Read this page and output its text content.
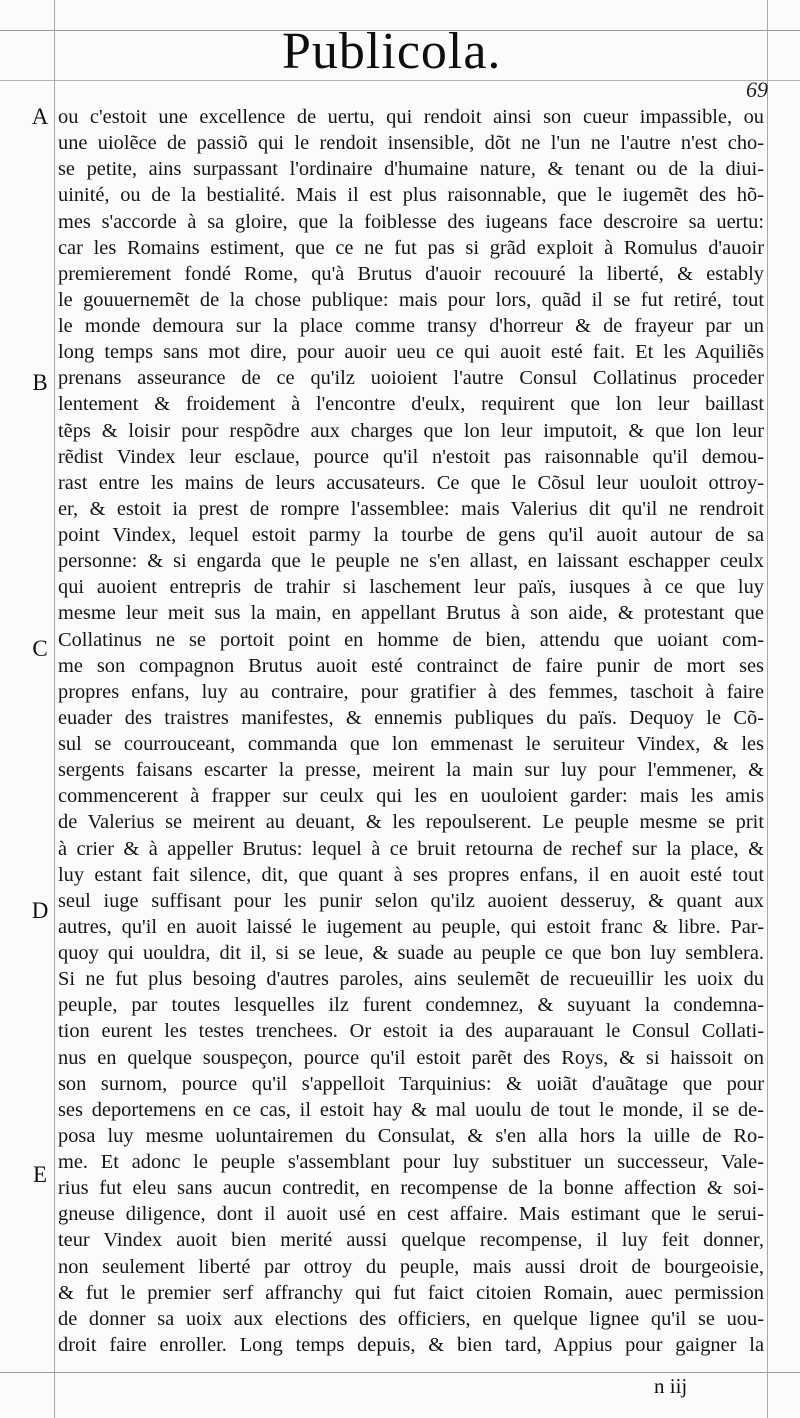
Publicola.
69
A
B
C
D
E
ou c'estoit une excellence de uertu, qui rendoit ainsi son cueur impassible, ou
une uiolẽce de passiõ qui le rendoit insensible, dõt ne l'un ne l'autre n'est cho-
se petite, ains surpassant l'ordinaire d'humaine nature, & tenant ou de la diui-
uinité, ou de la bestialité. Mais il est plus raisonnable, que le iugemẽt des hõ-
mes s'accorde à sa gloire, que la foiblesse des iugeans face descroire sa uertu:
car les Romains estiment, que ce ne fut pas si grãd exploit à Romulus d'auoir
premierement fondé Rome, qu'à Brutus d'auoir recouuré la liberté, & estably
le gouuernemẽt de la chose publique: mais pour lors, quãd il se fut retiré, tout
le monde demoura sur la place comme transy d'horreur & de frayeur par un
long temps sans mot dire, pour auoir ueu ce qui auoit esté fait. Et les Aquiliẽs
prenans asseurance de ce qu'ilz uoioient l'autre Consul Collatinus proceder
lentement & froidement à l'encontre d'eulx, requirent que lon leur baillast
tẽps & loisir pour respõdre aux charges que lon leur imputoit, & que lon leur
rẽdist Vindex leur esclaue, pource qu'il n'estoit pas raisonnable qu'il demou-
rast entre les mains de leurs accusateurs. Ce que le Cõsul leur uouloit ottroy-
er, & estoit ia prest de rompre l'assemblee: mais Valerius dit qu'il ne rendroit
point Vindex, lequel estoit parmy la tourbe de gens qu'il auoit autour de sa
personne: & si engarda que le peuple ne s'en allast, en laissant eschapper ceulx
qui auoient entrepris de trahir si laschement leur païs, iusques à ce que luy
mesme leur meit sus la main, en appellant Brutus à son aide, & protestant que
Collatinus ne se portoit point en homme de bien, attendu que uoiant com-
me son compagnon Brutus auoit esté contrainct de faire punir de mort ses
propres enfans, luy au contraire, pour gratifier à des femmes, taschoit à faire
euader des traistres manifestes, & ennemis publiques du païs. Dequoy le Cõ-
sul se courrouceant, commanda que lon emmenast le seruiteur Vindex, & les
sergents faisans escarter la presse, meirent la main sur luy pour l'emmener, &
commencerent à frapper sur ceulx qui les en uouloient garder: mais les amis
de Valerius se meirent au deuant, & les repoulserent. Le peuple mesme se prit
à crier & à appeller Brutus: lequel à ce bruit retourna de rechef sur la place, &
luy estant fait silence, dit, que quant à ses propres enfans, il en auoit esté tout
seul iuge suffisant pour les punir selon qu'ilz auoient desseruy, & quant aux
autres, qu'il en auoit laissé le iugement au peuple, qui estoit franc & libre. Par-
quoy qui uouldra, dit il, si se leue, & suade au peuple ce que bon luy semblera.
Si ne fut plus besoing d'autres paroles, ains seulemẽt de recueuillir les uoix du
peuple, par toutes lesquelles ilz furent condemnez, & suyuant la condemna-
tion eurent les testes trenchees. Or estoit ia des auparauant le Consul Collati-
nus en quelque souspeçon, pource qu'il estoit parẽt des Roys, & si haissoit on
son surnom, pource qu'il s'appelloit Tarquinius: & uoiãt d'auãtage que pour
ses deportemens en ce cas, il estoit hay & mal uoulu de tout le monde, il se de-
posa luy mesme uoluntairemen du Consulat, & s'en alla hors la uille de Ro-
me. Et adonc le peuple s'assemblant pour luy substituer un successeur, Vale-
rius fut eleu sans aucun contredit, en recompense de la bonne affection & soi-
gneuse diligence, dont il auoit usé en cest affaire. Mais estimant que le serui-
teur Vindex auoit bien merité aussi quelque recompense, il luy feit donner,
non seulement liberté par ottroy du peuple, mais aussi droit de bourgeoisie,
& fut le premier serf affranchy qui fut faict citoien Romain, auec permission
de donner sa uoix aux elections des officiers, en quelque lignee qu'il se uou-
droit faire enroller. Long temps depuis, & bien tard, Appius pour gaigner la
n iij
